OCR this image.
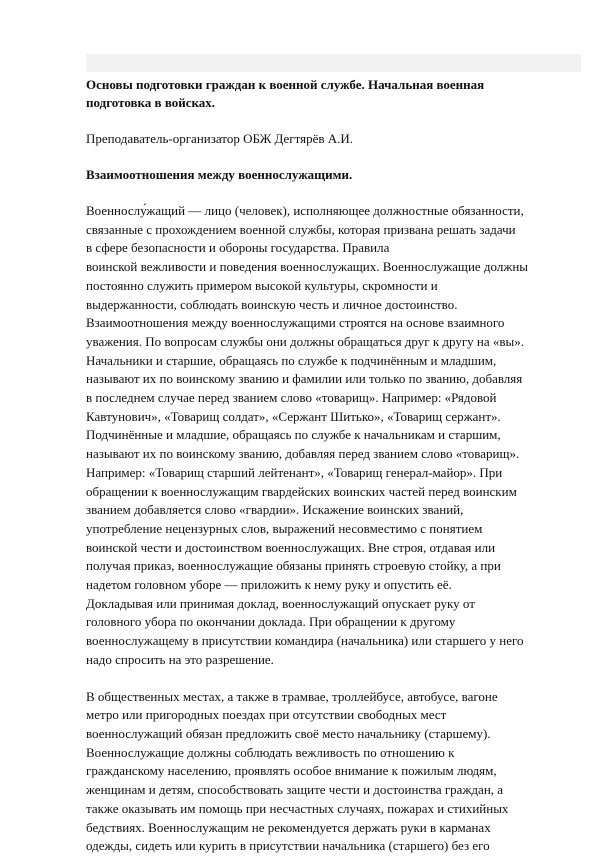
Основы подготовки граждан к военной службе. Начальная военная
подготовка в войсках.

Преподаватель-организатор ОБЖ Дегтярёв А.И.

Взаимоотношения между военнослужащими.

Военнослу́жащий — лицо (человек), исполняющее должностные обязанности,
связанные с прохождением военной службы, которая призвана решать задачи
в сфере безопасности и обороны государства. Правила
воинской вежливости и поведения военнослужащих. Военнослужащие должны
постоянно служить примером высокой культуры, скромности и
выдержанности, соблюдать воинскую честь и личное достоинство.
Взаимоотношения между военнослужащими строятся на основе взаимного
уважения. По вопросам службы они должны обращаться друг к другу на «вы».
Начальники и старшие, обращаясь по службе к подчинённым и младшим,
называют их по воинскому званию и фамилии или только по званию, добавляя
в последнем случае перед званием слово «товарищ». Например: «Рядовой
Кавтунович», «Товарищ солдат», «Сержант Шитько», «Товарищ сержант».
Подчинённые и младшие, обращаясь по службе к начальникам и старшим,
называют их по воинскому званию, добавляя перед званием слово «товарищ».
Например: «Товарищ старший лейтенант», «Товарищ генерал-майор». При
обращении к военнослужащим гвардейских воинских частей перед воинским
званием добавляется слово «гвардии». Искажение воинских званий,
употребление нецензурных слов, выражений несовместимо с понятием
воинской чести и достоинством военнослужащих. Вне строя, отдавая или
получая приказ, военнослужащие обязаны принять строевую стойку, а при
надетом головном уборе — приложить к нему руку и опустить её.
Докладывая или принимая доклад, военнослужащий опускает руку от
головного убора по окончании доклада. При обращении к другому
военнослужащему в присутствии командира (начальника) или старшего у него
надо спросить на это разрешение.

В общественных местах, а также в трамвае, троллейбусе, автобусе, вагоне
метро или пригородных поездах при отсутствии свободных мест
военнослужащий обязан предложить своё место начальнику (старшему).
Военнослужащие должны соблюдать вежливость по отношению к
гражданскому населению, проявлять особое внимание к пожилым людям,
женщинам и детям, способствовать защите чести и достоинства граждан, а
также оказывать им помощь при несчастных случаях, пожарах и стихийных
бедствиях. Военнослужащим не рекомендуется держать руки в карманах
одежды, сидеть или курить в присутствии начальника (старшего) без его
